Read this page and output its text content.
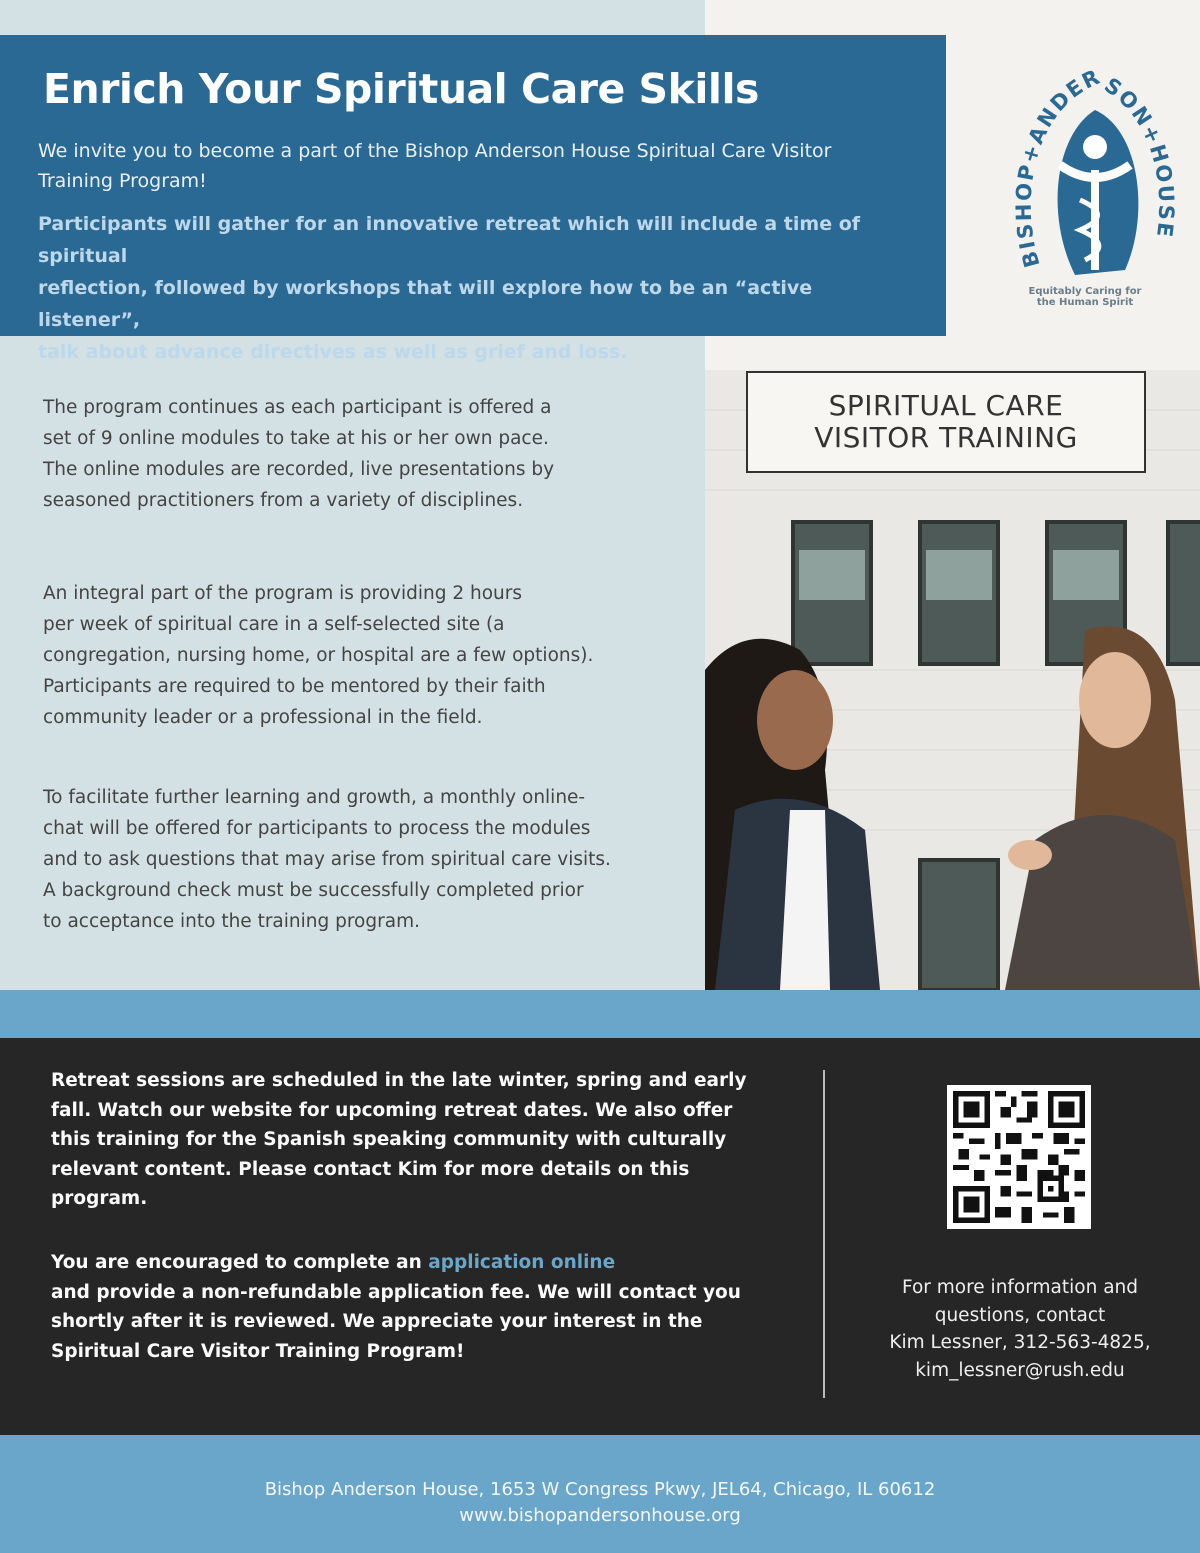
Enrich Your Spiritual Care Skills
We invite you to become a part of the Bishop Anderson House Spiritual Care Visitor
Training Program!
Participants will gather for an innovative retreat which will include a time of spiritual
reflection, followed by workshops that will explore how to be an “active listener”,
talk about advance directives as well as grief and loss.
BISHOP+ANDERSON+HOUSE
Equitably Caring for
the Human Spirit
The program continues as each participant is offered a
set of 9 online modules to take at his or her own pace.
The online modules are recorded, live presentations by
seasoned practitioners from a variety of disciplines.
An integral part of the program is providing 2 hours
per week of spiritual care in a self-selected site (a
congregation, nursing home, or hospital are a few options).
Participants are required to be mentored by their faith
community leader or a professional in the field.
To facilitate further learning and growth, a monthly online-
chat will be offered for participants to process the modules
and to ask questions that may arise from spiritual care visits.
A background check must be successfully completed prior
to acceptance into the training program.
SPIRITUAL CARE
VISITOR TRAINING
Retreat sessions are scheduled in the late winter, spring and early
fall. Watch our website for upcoming retreat dates. We also offer
this training for the Spanish speaking community with culturally
relevant content. Please contact Kim for more details on this
program.
You are encouraged to complete an application online
and provide a non-refundable application fee. We will contact you
shortly after it is reviewed. We appreciate your interest in the
Spiritual Care Visitor Training Program!
For more information and
questions, contact
Kim Lessner, 312-563-4825,
kim_lessner@rush.edu
Bishop Anderson House, 1653 W Congress Pkwy, JEL64, Chicago, IL 60612
www.bishopandersonhouse.org
